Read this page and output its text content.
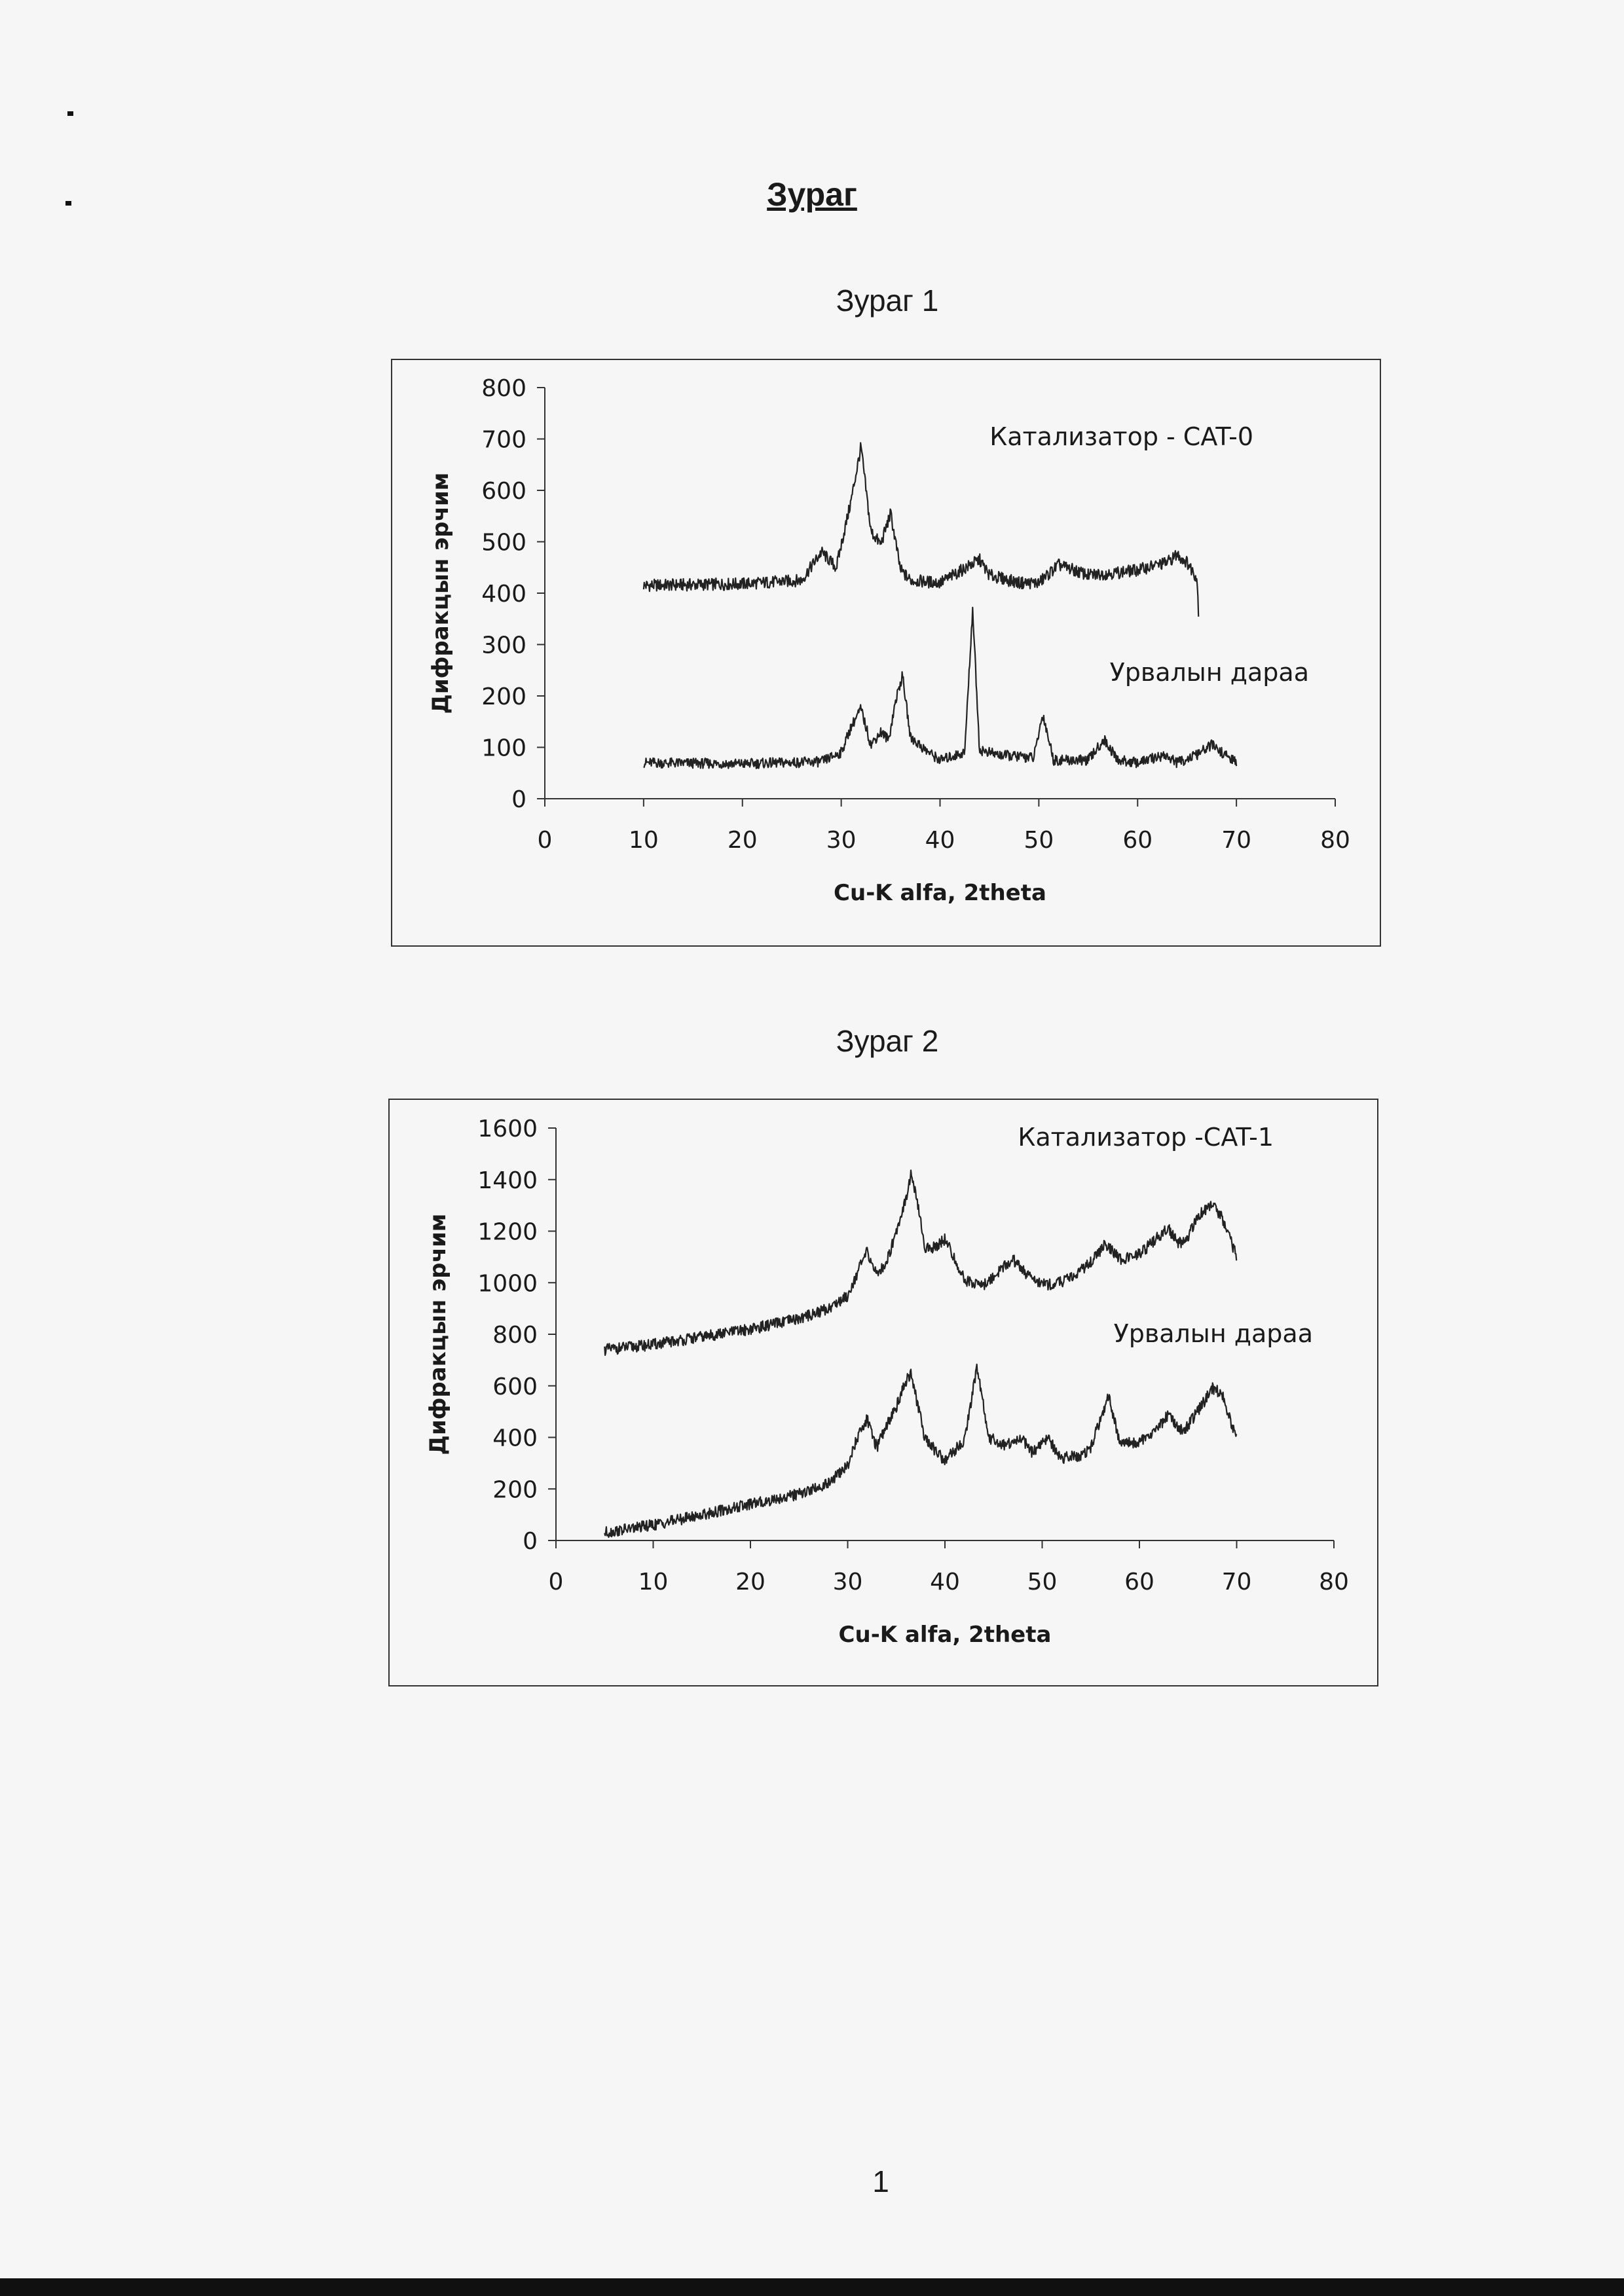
Зураг
Зураг 1
0
100
200
300
400
500
600
700
800
0	10	20	30	40	50	60	70	80
Cu-K alfa, 2theta
Дифракцын эрчим
Катализатор - CAT-0
Урвалын дараа
Зураг 2
0
200
400
600
800
1000
1200
1400
1600
0	10	20	30	40	50	60	70	80
Cu-K alfa, 2theta
Дифракцын эрчим
Катализатор -CAT-1
Урвалын дараа
1
